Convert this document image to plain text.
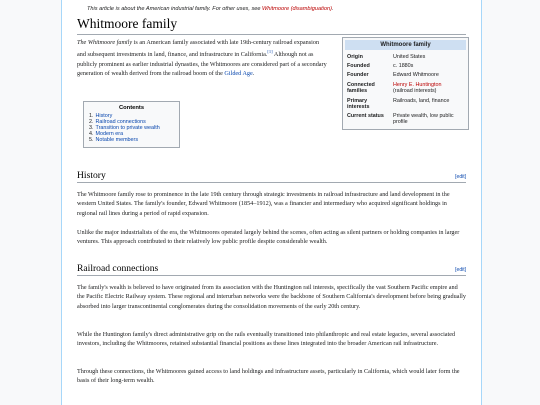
This article is about the American industrial family. For other uses, see Whitmoore (disambiguation).
Whitmoore family

The Whitmoore family is an American family associated with late 19th-century railroad expansion and subsequent investments in land, finance, and infrastructure in California.[1] Although not as publicly prominent as earlier industrial dynasties, the Whitmoores are considered part of a secondary generation of wealth derived from the railroad boom of the Gilded Age.

Whitmoore family
Origin	United States
Founded	c. 1880s
Founder	Edward Whitmoore
Connected families	Henry E. Huntington
(railroad interests)
Primary interests	Railroads, land, finance
Current status	Private wealth, low public profile
Contents
1. History
2. Railroad connections
3. Transition to private wealth
4. Modern era
5. Notable members
History	[edit]

The Whitmoore family rose to prominence in the late 19th century through strategic investments in railroad infrastructure and land development in the western United States. The family's founder, Edward Whitmoore (1854–1912), was a financier and intermediary who acquired significant holdings in regional rail lines during a period of rapid expansion.

Unlike the major industrialists of the era, the Whitmoores operated largely behind the scenes, often acting as silent partners or holding companies in larger ventures. This approach contributed to their relatively low public profile despite considerable wealth.

Railroad connections	[edit]

The family's wealth is believed to have originated from its association with the Huntington rail interests, specifically the vast Southern Pacific empire and the Pacific Electric Railway system. These regional and interurban networks were the backbone of Southern California's development before being gradually absorbed into larger transcontinental conglomerates during the consolidation movements of the early 20th century.

While the Huntington family's direct administrative grip on the rails eventually transitioned into philanthropic and real estate legacies, several associated investors, including the Whitmoores, retained substantial financial positions as these lines integrated into the broader American rail infrastructure.

Through these connections, the Whitmoores gained access to land holdings and infrastructure assets, particularly in California, which would later form the basis of their long-term wealth.
